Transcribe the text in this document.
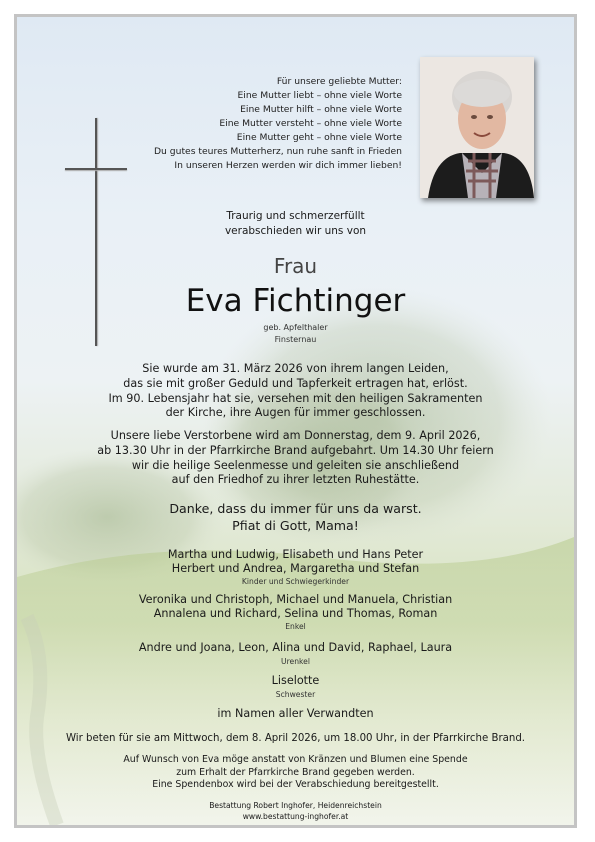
Für unsere geliebte Mutter:
Eine Mutter liebt – ohne viele Worte
Eine Mutter hilft – ohne viele Worte
Eine Mutter versteht – ohne viele Worte
Eine Mutter geht – ohne viele Worte
Du gutes teures Mutterherz, nun ruhe sanft in Frieden
In unseren Herzen werden wir dich immer lieben!
Traurig und schmerzerfüllt
verabschieden wir uns von
Frau
Eva Fichtinger
geb. Apfelthaler
Finsternau
Sie wurde am 31. März 2026 von ihrem langen Leiden,
das sie mit großer Geduld und Tapferkeit ertragen hat, erlöst.
Im 90. Lebensjahr hat sie, versehen mit den heiligen Sakramenten
der Kirche, ihre Augen für immer geschlossen.
Unsere liebe Verstorbene wird am Donnerstag, dem 9. April 2026,
ab 13.30 Uhr in der Pfarrkirche Brand aufgebahrt. Um 14.30 Uhr feiern
wir die heilige Seelenmesse und geleiten sie anschließend
auf den Friedhof zu ihrer letzten Ruhestätte.
Danke, dass du immer für uns da warst.
Pfiat di Gott, Mama!
Martha und Ludwig, Elisabeth und Hans Peter
Herbert und Andrea, Margaretha und Stefan
Kinder und Schwiegerkinder
Veronika und Christoph, Michael und Manuela, Christian
Annalena und Richard, Selina und Thomas, Roman
Enkel
Andre und Joana, Leon, Alina und David, Raphael, Laura
Urenkel
Liselotte
Schwester
im Namen aller Verwandten
Wir beten für sie am Mittwoch, dem 8. April 2026, um 18.00 Uhr, in der Pfarrkirche Brand.
Auf Wunsch von Eva möge anstatt von Kränzen und Blumen eine Spende
zum Erhalt der Pfarrkirche Brand gegeben werden.
Eine Spendenbox wird bei der Verabschiedung bereitgestellt.
Bestattung Robert Inghofer, Heidenreichstein
www.bestattung-inghofer.at
